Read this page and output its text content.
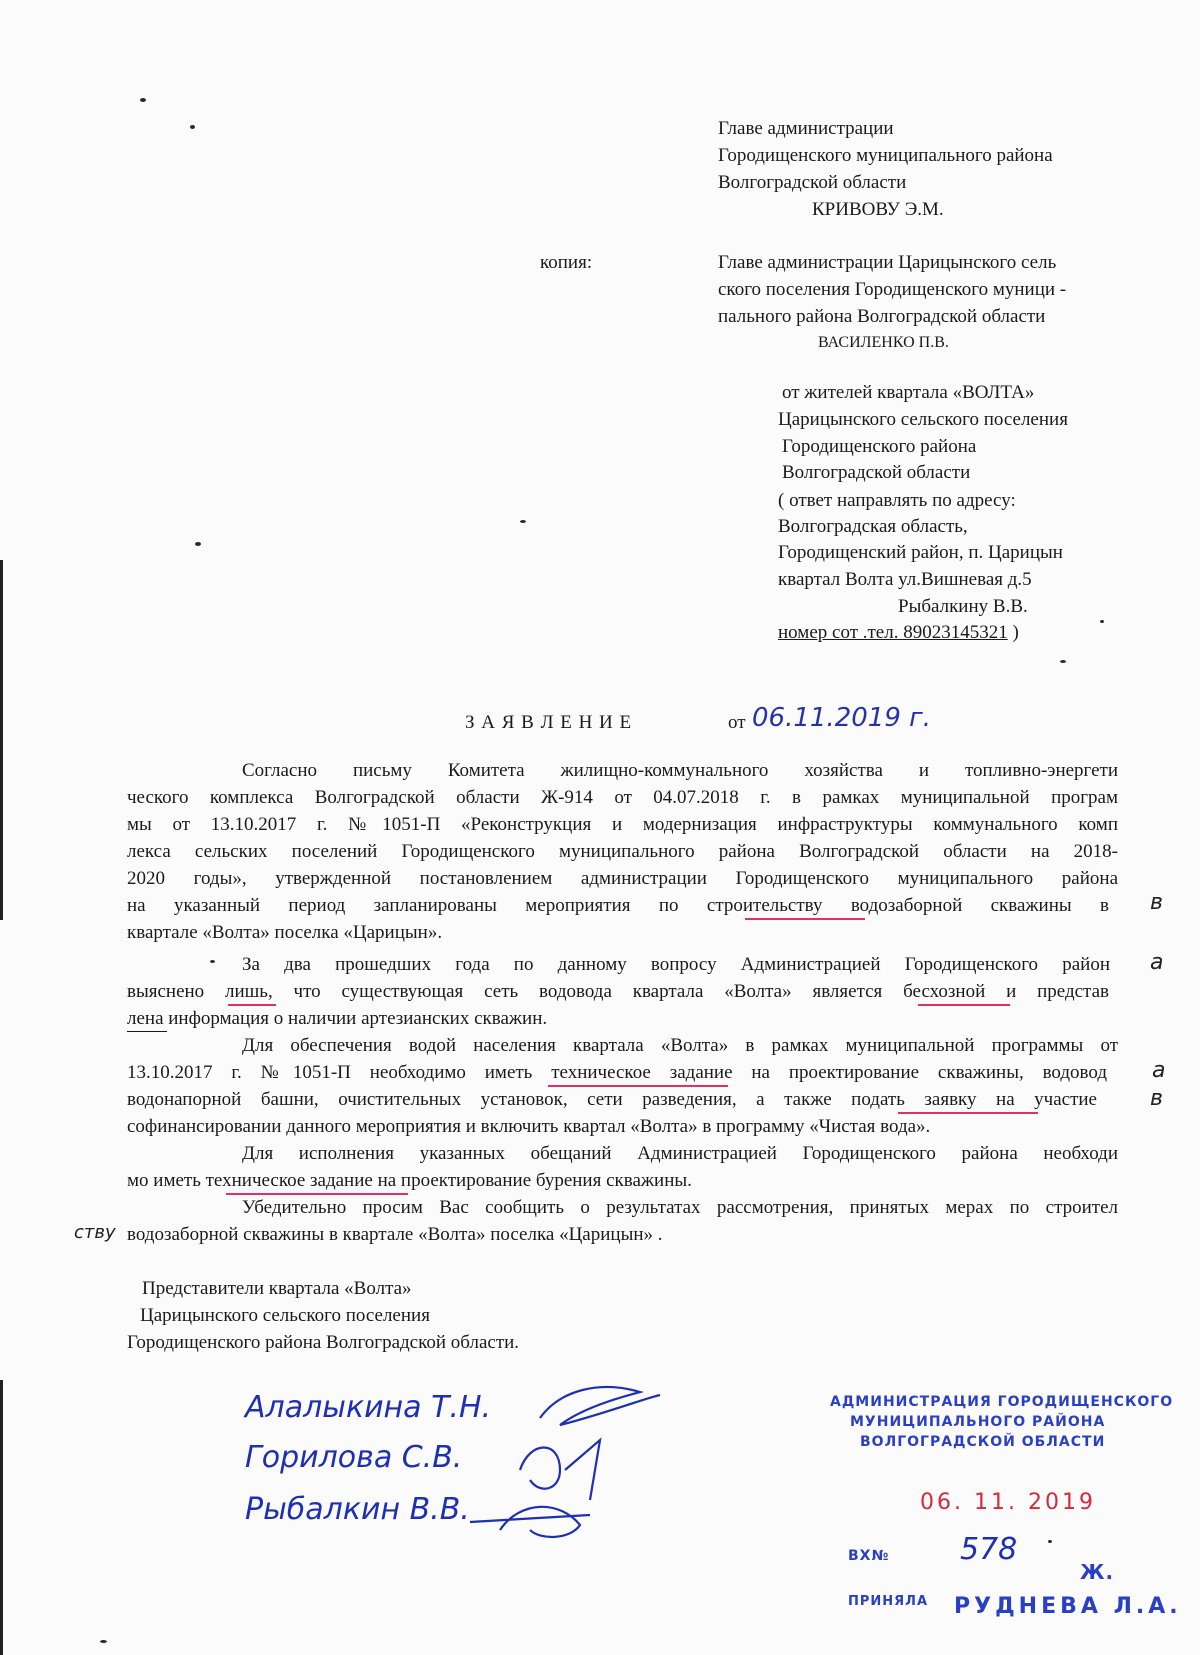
Главе администрации
Городищенского муниципального района
Волгоградской области
КРИВОВУ Э.М.
копия:	Главе администрации Царицынского сель
ского поселения Городищенского муници -
пального района Волгоградской области
ВАСИЛЕНКО П.В.
от жителей квартала «ВОЛТА»
Царицынского сельского поселения
Городищенского района
Волгоградской области
( ответ направлять по адресу:
Волгоградская область,
Городищенский район, п. Царицын
квартал Волта ул.Вишневая д.5
Рыбалкину В.В.
номер сот .тел. 89023145321 )
З А Я В Л Е Н И Е	от 06.11.2019 г.
Согласно письму Комитета жилищно-коммунального хозяйства и топливно-энергети
ческого комплекса Волгоградской области Ж-914 от 04.07.2018 г. в рамках муниципальной програм
мы от 13.10.2017 г. №1051-П «Реконструкция и модернизация инфраструктуры коммунального комп
лекса сельских поселений Городищенского муниципального района Волгоградской области на 2018-
2020 годы», утвержденной постановлением администрации Городищенского муниципального района
на указанный период запланированы мероприятия по строительству водозаборной скважины в
квартале «Волта» поселка «Царицын».
За два прошедших года по данному вопросу Администрацией Городищенского район
выяснено лишь, что существующая сеть водовода квартала «Волта» является бесхозной и представ
лена информация о наличии артезианских скважин.
Для обеспечения водой населения квартала «Волта» в рамках муниципальной программы от
13.10.2017 г. №1051-П необходимо иметь техническое задание на проектирование скважины, водовод
водонапорной башни, очистительных установок, сети разведения, а также подать заявку на участие
софинансировании данного мероприятия и включить квартал «Волта» в программу «Чистая вода».
Для исполнения указанных обещаний Администрацией Городищенского района необходи
мо иметь техническое задание на проектирование бурения скважины.
Убедительно просим Вас сообщить о результатах рассмотрения, принятых мерах по строител
водозаборной скважины в квартале «Волта» поселка «Царицын» .
в
а
а
в
ству
Представители квартала «Волта»
Царицынского сельского поселения
Городищенского района Волгоградской области.
Алалыкина Т.Н.
Горилова С.В.
Рыбалкин В.В.
АДМИНИСТРАЦИЯ ГОРОДИЩЕНСКОГО
МУНИЦИПАЛЬНОГО РАЙОНА
ВОЛГОГРАДСКОЙ ОБЛАСТИ
06. 11. 2019
ВХ№ 578
Ж.
ПРИНЯЛА РУДНЕВА Л.А.
